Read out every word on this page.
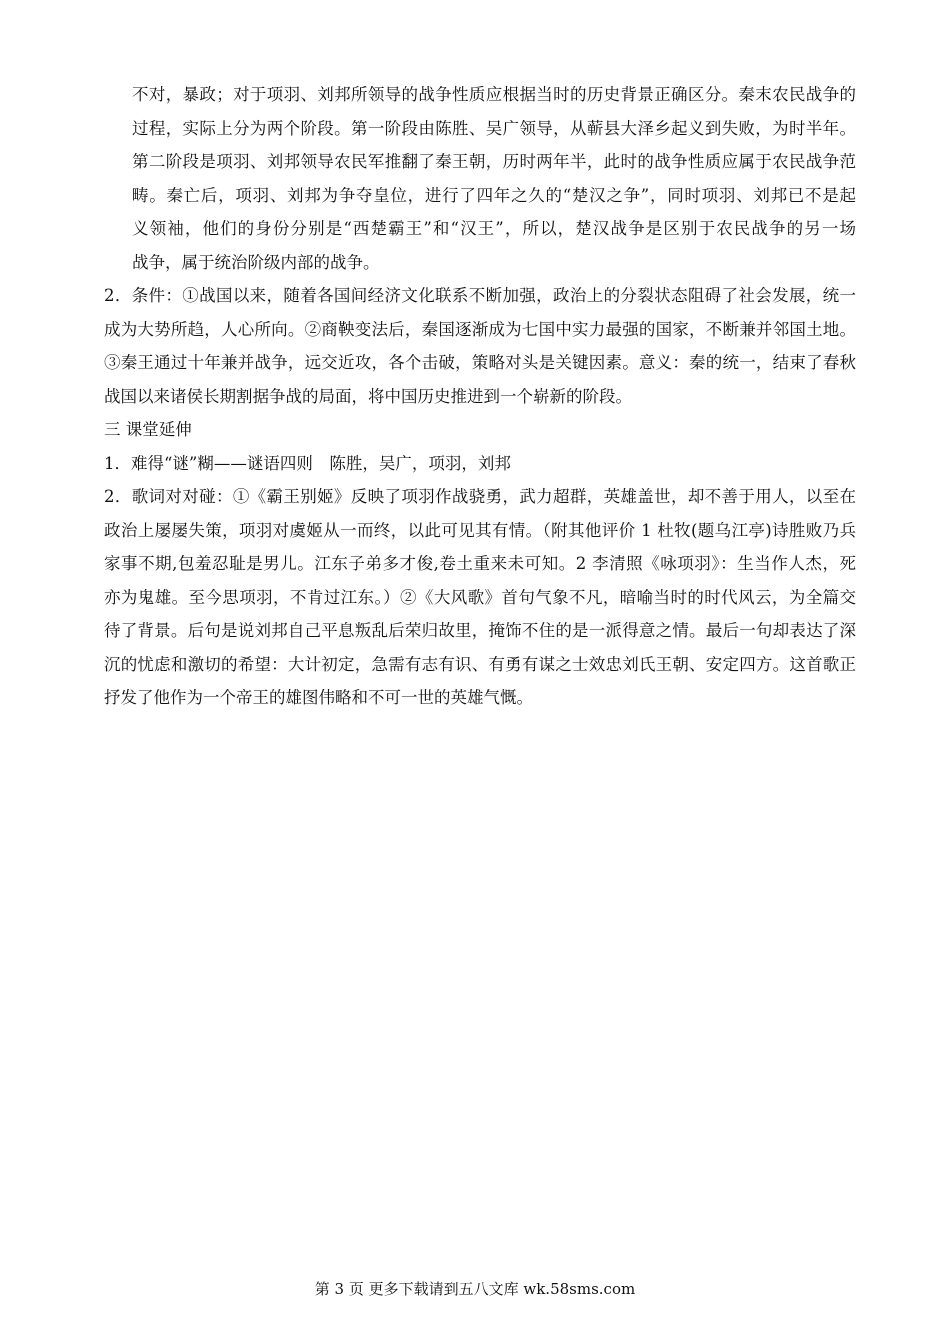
不对，暴政；对于项羽、刘邦所领导的战争性质应根据当时的历史背景正确区分。秦末农民战争的
过程，实际上分为两个阶段。第一阶段由陈胜、吴广领导，从蕲县大泽乡起义到失败，为时半年。
第二阶段是项羽、刘邦领导农民军推翻了秦王朝，历时两年半，此时的战争性质应属于农民战争范
畴。秦亡后，项羽、刘邦为争夺皇位，进行了四年之久的“楚汉之争”，同时项羽、刘邦已不是起
义领袖，他们的身份分别是“西楚霸王”和“汉王”，所以，楚汉战争是区别于农民战争的另一场
战争，属于统治阶级内部的战争。
2．条件：①战国以来，随着各国间经济文化联系不断加强，政治上的分裂状态阻碍了社会发展，统一
成为大势所趋，人心所向。②商鞅变法后，秦国逐渐成为七国中实力最强的国家，不断兼并邻国土地。
③秦王通过十年兼并战争，远交近攻，各个击破，策略对头是关键因素。意义：秦的统一，结束了春秋
战国以来诸侯长期割据争战的局面，将中国历史推进到一个崭新的阶段。
三 课堂延伸
1．难得“谜”糊——谜语四则　陈胜，吴广，项羽，刘邦
2．歌词对对碰：①《霸王别姬》反映了项羽作战骁勇，武力超群，英雄盖世，却不善于用人，以至在
政治上屡屡失策，项羽对虞姬从一而终，以此可见其有情。（附其他评价 1 杜牧(题乌江亭)诗胜败乃兵
家事不期,包羞忍耻是男儿。江东子弟多才俊,卷土重来未可知。2 李清照《咏项羽》：生当作人杰，死
亦为鬼雄。至今思项羽，不肯过江东。）②《大风歌》首句气象不凡，暗喻当时的时代风云，为全篇交
待了背景。后句是说刘邦自己平息叛乱后荣归故里，掩饰不住的是一派得意之情。最后一句却表达了深
沉的忧虑和激切的希望：大计初定，急需有志有识、有勇有谋之士效忠刘氏王朝、安定四方。这首歌正
抒发了他作为一个帝王的雄图伟略和不可一世的英雄气慨。
第 3 页 更多下载请到五八文库 wk.58sms.com
